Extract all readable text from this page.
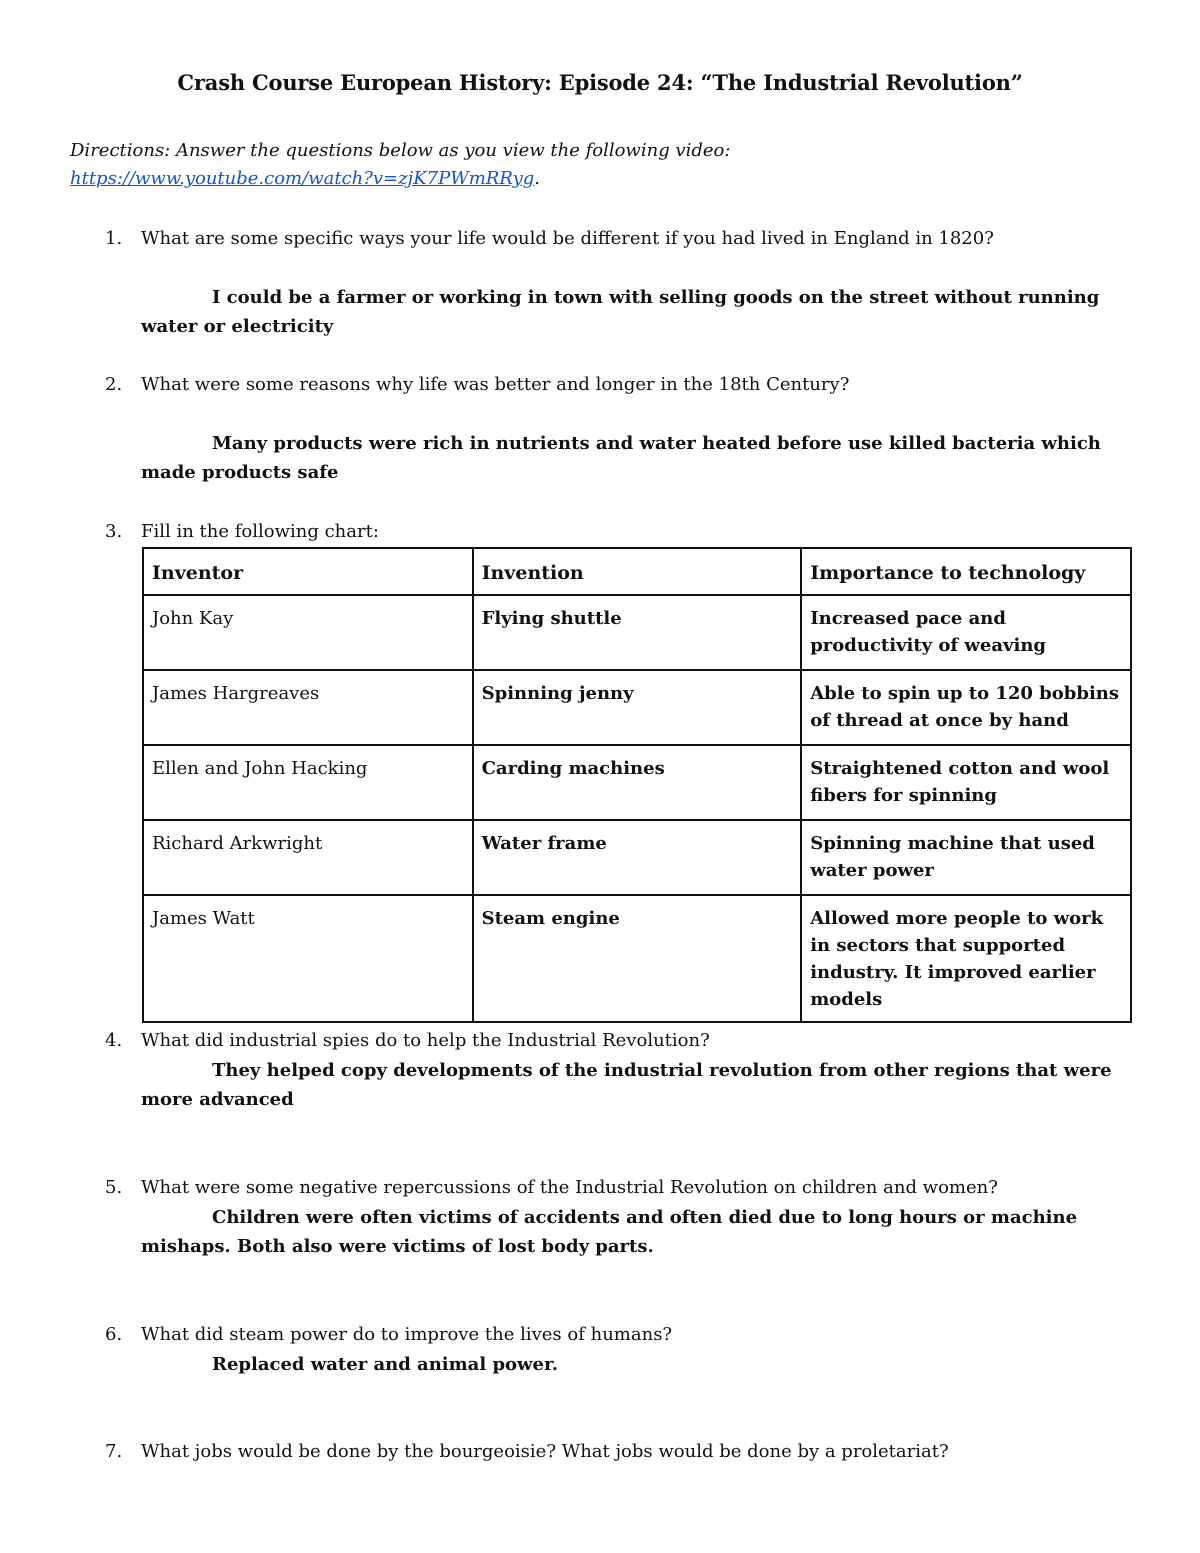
Crash Course European History: Episode 24: “The Industrial Revolution”
Directions: Answer the questions below as you view the following video:
https://www.youtube.com/watch?v=zjK7PWmRRyg.
1.	What are some specific ways your life would be different if you had lived in England in 1820?
I could be a farmer or working in town with selling goods on the street without running water or electricity
2.	What were some reasons why life was better and longer in the 18th Century?
Many products were rich in nutrients and water heated before use killed bacteria which made products safe
3.	Fill in the following chart:
Inventor	Invention	Importance to technology
John Kay	Flying shuttle	Increased pace and productivity of weaving
James Hargreaves	Spinning jenny	Able to spin up to 120 bobbins of thread at once by hand
Ellen and John Hacking	Carding machines	Straightened cotton and wool fibers for spinning
Richard Arkwright	Water frame	Spinning machine that used water power
James Watt	Steam engine	Allowed more people to work in sectors that supported industry. It improved earlier models
4.	What did industrial spies do to help the Industrial Revolution?
They helped copy developments of the industrial revolution from other regions that were more advanced
5.	What were some negative repercussions of the Industrial Revolution on children and women?
Children were often victims of accidents and often died due to long hours or machine mishaps. Both also were victims of lost body parts.
6.	What did steam power do to improve the lives of humans?
Replaced water and animal power.
7.	What jobs would be done by the bourgeoisie? What jobs would be done by a proletariat?
